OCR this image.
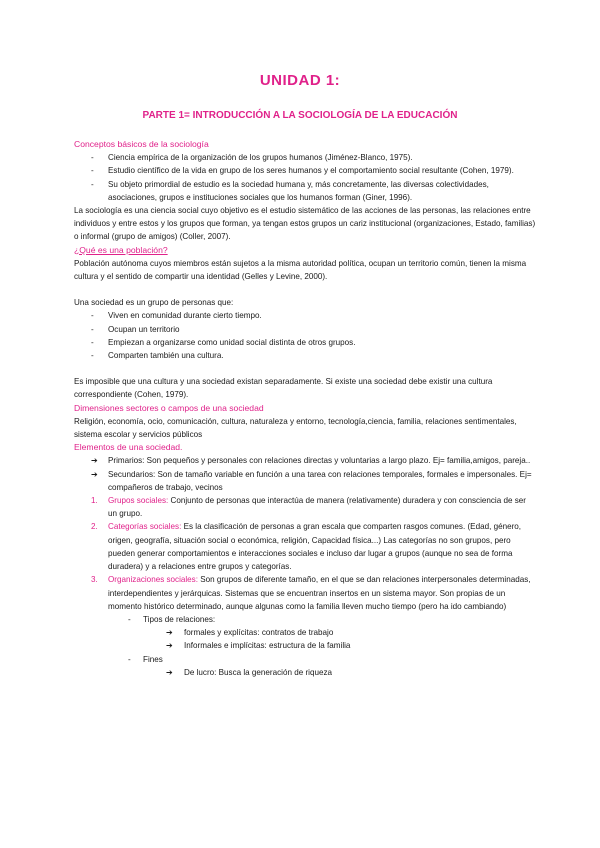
UNIDAD 1:
PARTE 1= INTRODUCCIÓN A LA SOCIOLOGÍA DE LA EDUCACIÓN

Conceptos básicos de la sociología

- Ciencia empírica de la organización de los grupos humanos (Jiménez-Blanco, 1975).
- Estudio científico de la vida en grupo de los seres humanos y el comportamiento social resultante (Cohen, 1979).
- Su objeto primordial de estudio es la sociedad humana y, más concretamente, las diversas colectividades, asociaciones, grupos e instituciones sociales que los humanos forman (Giner, 1996).

La sociología es una ciencia social cuyo objetivo es el estudio sistemático de las acciones de las personas, las relaciones entre individuos y entre estos y los grupos que forman, ya tengan estos grupos un cariz institucional (organizaciones, Estado, familias) o informal (grupo de amigos) (Coller, 2007).

¿Qué es una población?

Población autónoma cuyos miembros están sujetos a la misma autoridad política, ocupan un territorio común, tienen la misma cultura y el sentido de compartir una identidad (Gelles y Levine, 2000).

Una sociedad es un grupo de personas que:

- Viven en comunidad durante cierto tiempo.
- Ocupan un territorio
- Empiezan a organizarse como unidad social distinta de otros grupos.
- Comparten también una cultura.

Es imposible que una cultura y una sociedad existan separadamente. Si existe una sociedad debe existir una cultura correspondiente (Cohen, 1979).

Dimensiones sectores o campos de una sociedad

Religión, economía, ocio, comunicación, cultura, naturaleza y entorno, tecnología,ciencia, familia, relaciones sentimentales, sistema escolar y servicios públicos

Elementos de una sociedad.

➔ Primarios: Son pequeños y personales con relaciones directas y voluntarias a largo plazo. Ej= familia,amigos, pareja..
➔ Secundarios: Son de tamaño variable en función a una tarea con relaciones temporales, formales e impersonales. Ej= compañeros de trabajo, vecinos
1. Grupos sociales: Conjunto de personas que interactúa de manera (relativamente) duradera y con consciencia de ser un grupo.
2. Categorías sociales: Es la clasificación de personas a gran escala que comparten rasgos comunes. (Edad, género, origen, geografía, situación social o económica, religión, Capacidad física...) Las categorías no son grupos, pero pueden generar comportamientos e interacciones sociales e incluso dar lugar a grupos (aunque no sea de forma duradera) y a relaciones entre grupos y categorías.
3. Organizaciones sociales: Son grupos de diferente tamaño, en el que se dan relaciones interpersonales determinadas, interdependientes y jerárquicas. Sistemas que se encuentran insertos en un sistema mayor. Son propias de un momento histórico determinado, aunque algunas como la familia lleven mucho tiempo (pero ha ido cambiando)
- Tipos de relaciones:
➔ formales y explícitas: contratos de trabajo
➔ Informales e implícitas: estructura de la familia
- Fines
➔ De lucro: Busca la generación de riqueza
